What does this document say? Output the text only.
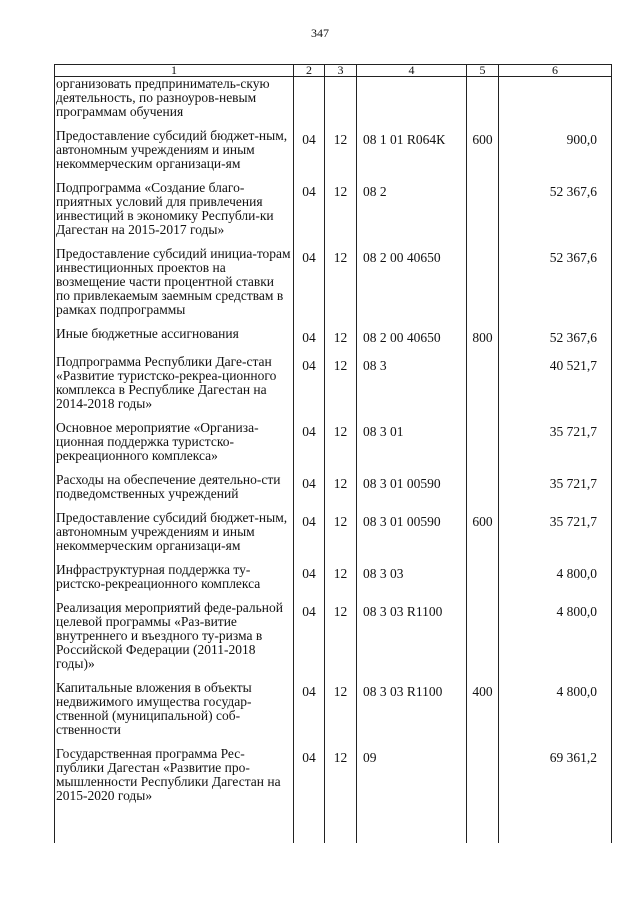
347
1	2	3	4	5	6
организовать предприниматель-скую деятельность, по разноуров-невым программам обучения					

Предоставление субсидий бюджет-ным, автономным учреждениям и иным некоммерческим организаци-ям	04	12	08 1 01 R064К	600	900,0

Подпрограмма «Создание благо-приятных условий для привлечения инвестиций в экономику Республи-ки Дагестан на 2015-2017 годы»	04	12	08 2		52 367,6

Предоставление субсидий инициа-торам инвестиционных проектов на возмещение части процентной ставки по привлекаемым заемным средствам в рамках подпрограммы	04	12	08 2 00 40650		52 367,6

Иные бюджетные ассигнования	04	12	08 2 00 40650	800	52 367,6

Подпрограмма Республики Даге-стан «Развитие туристско-рекреа-ционного комплекса в Республике Дагестан на 2014-2018 годы»	04	12	08 3		40 521,7

Основное мероприятие «Организа-ционная поддержка туристско-рекреационного комплекса»	04	12	08 3 01		35 721,7

Расходы на обеспечение деятельно-сти подведомственных учреждений	04	12	08 3 01 00590		35 721,7

Предоставление субсидий бюджет-ным, автономным учреждениям и иным некоммерческим организаци-ям	04	12	08 3 01 00590	600	35 721,7

Инфраструктурная поддержка ту-ристско-рекреационного комплекса	04	12	08 3 03		4 800,0

Реализация мероприятий феде-ральной целевой программы «Раз-витие внутреннего и въездного ту-ризма в Российской Федерации (2011-2018 годы)»	04	12	08 3 03 R1100		4 800,0

Капитальные вложения в объекты недвижимого имущества государ-ственной (муниципальной) соб-ственности	04	12	08 3 03 R1100	400	4 800,0

Государственная программа Рес-публики Дагестан «Развитие про-мышленности Республики Дагестан на 2015-2020 годы»	04	12	09		69 361,2
